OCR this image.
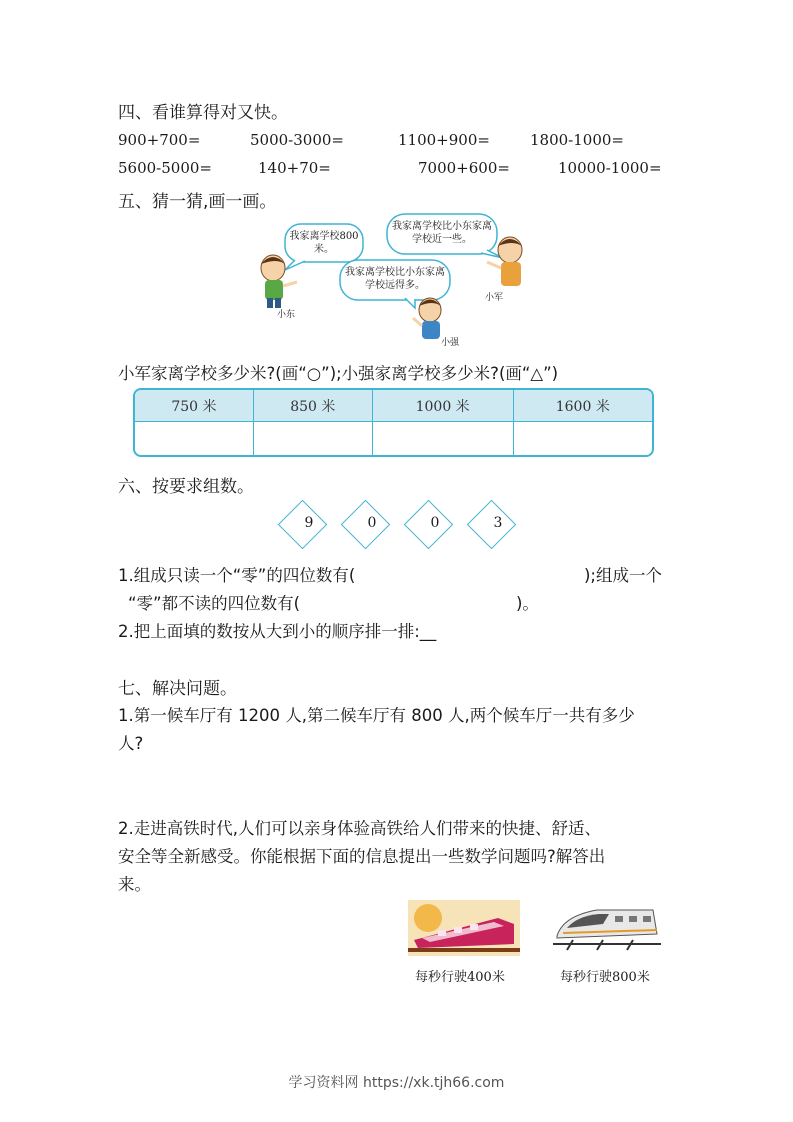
四、看谁算得对又快。
900+700=	5000-3000=	1100+900=	1800-1000=
5600-5000=	140+70=	7000+600=	10000-1000=
五、猜一猜,画一画。
我家离学校800米。
我家离学校比小东家离学校近一些。
我家离学校比小东家离学校远得多。
小东
小军
小强
小军家离学校多少米?(画“○”);小强家离学校多少米?(画“△”)
750 米	850 米	1000 米	1600 米

六、按要求组数。
9	0	0	3
1.组成只读一个“零”的四位数有(	);组成一个
“零”都不读的四位数有(	)。
2.把上面填的数按从大到小的顺序排一排:__
七、解决问题。
1.第一候车厅有 1200 人,第二候车厅有 800 人,两个候车厅一共有多少
人?
2.走进高铁时代,人们可以亲身体验高铁给人们带来的快捷、舒适、
安全等全新感受。你能根据下面的信息提出一些数学问题吗?解答出
来。
每秒行驶400米	每秒行驶800米
学习资料网 https://xk.tjh66.com
